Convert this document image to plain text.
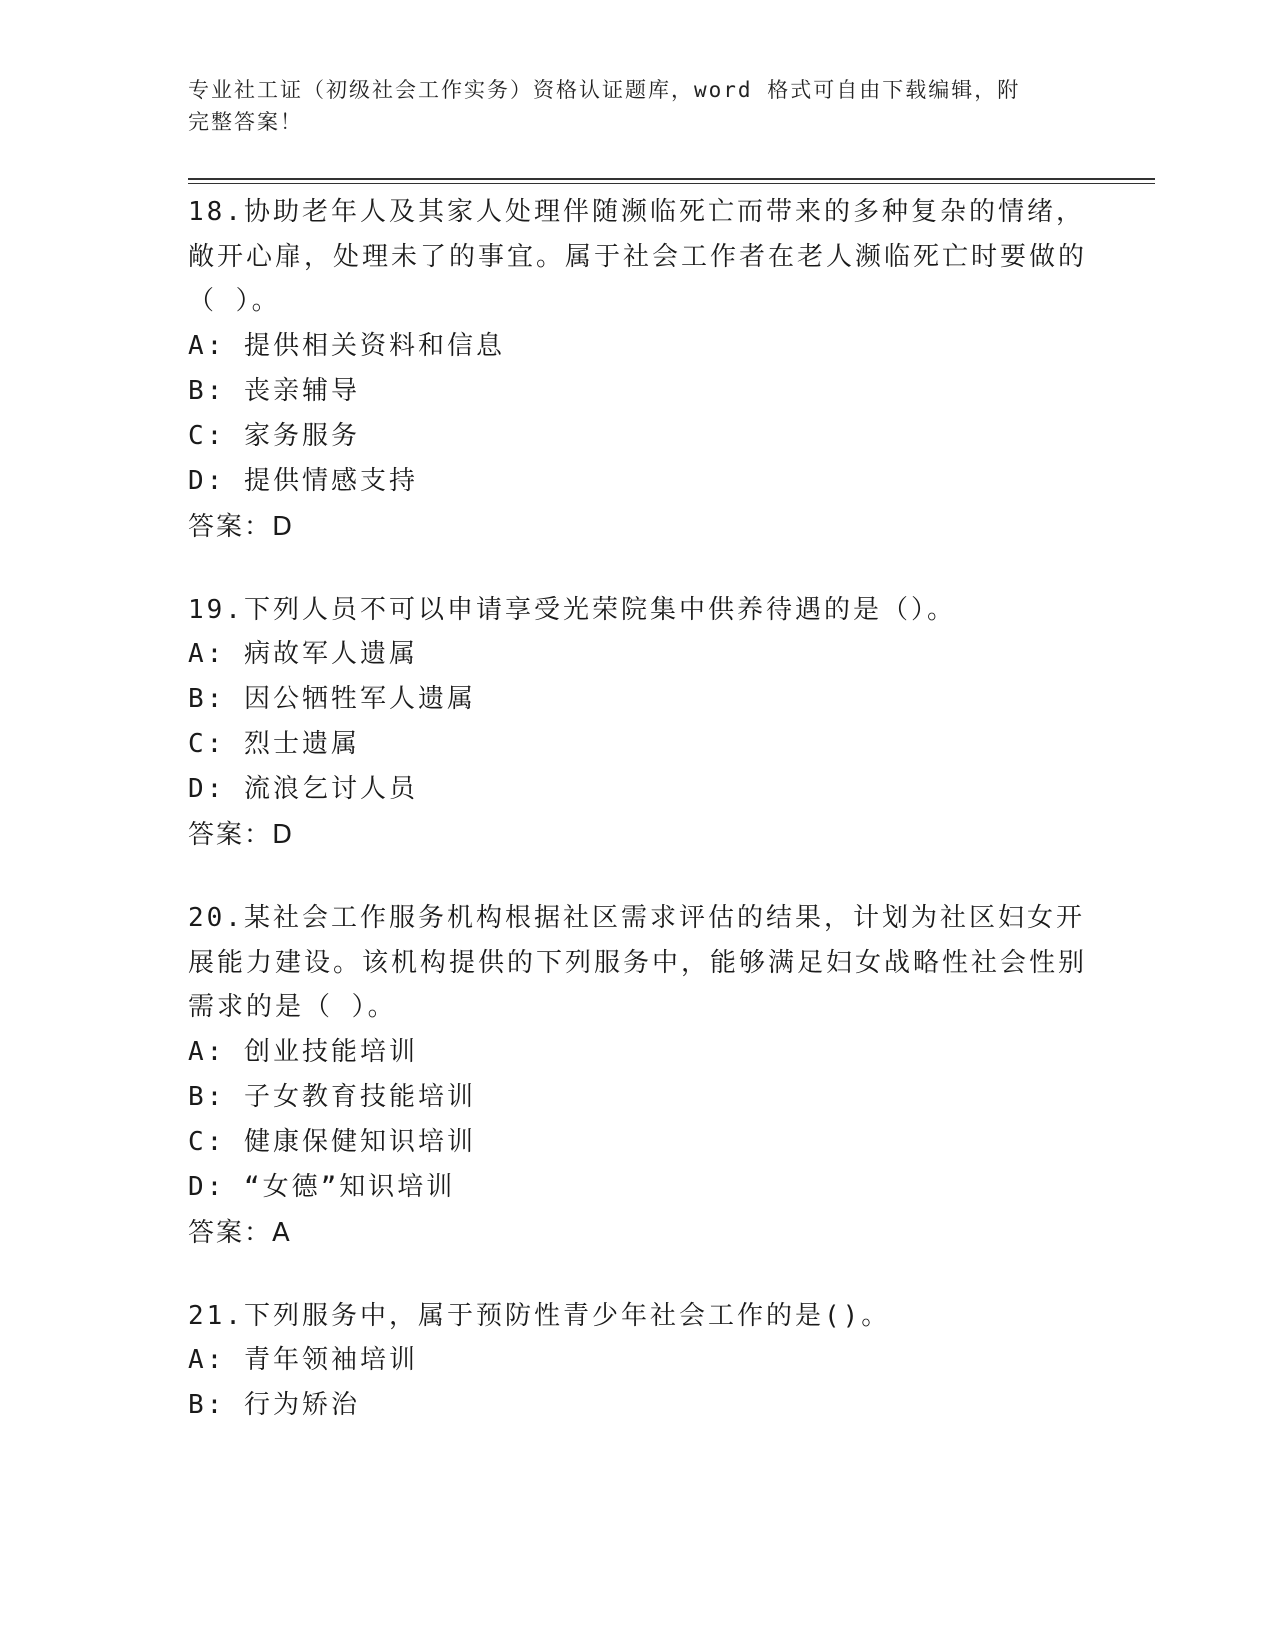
专业社工证（初级社会工作实务）资格认证题库，word 格式可自由下载编辑，附
完整答案！
18.协助老年人及其家人处理伴随濒临死亡而带来的多种复杂的情绪，敞开心扉，处理未了的事宜。属于社会工作者在老人濒临死亡时要做的（ ）。
A: 提供相关资料和信息
B: 丧亲辅导
C: 家务服务
D: 提供情感支持
答案：D
19.下列人员不可以申请享受光荣院集中供养待遇的是（）。
A: 病故军人遗属
B: 因公牺牲军人遗属
C: 烈士遗属
D: 流浪乞讨人员
答案：D
20.某社会工作服务机构根据社区需求评估的结果，计划为社区妇女开展能力建设。该机构提供的下列服务中，能够满足妇女战略性社会性别需求的是（ ）。
A: 创业技能培训
B: 子女教育技能培训
C: 健康保健知识培训
D: “女德”知识培训
答案：A
21.下列服务中，属于预防性青少年社会工作的是()。
A: 青年领袖培训
B: 行为矫治
